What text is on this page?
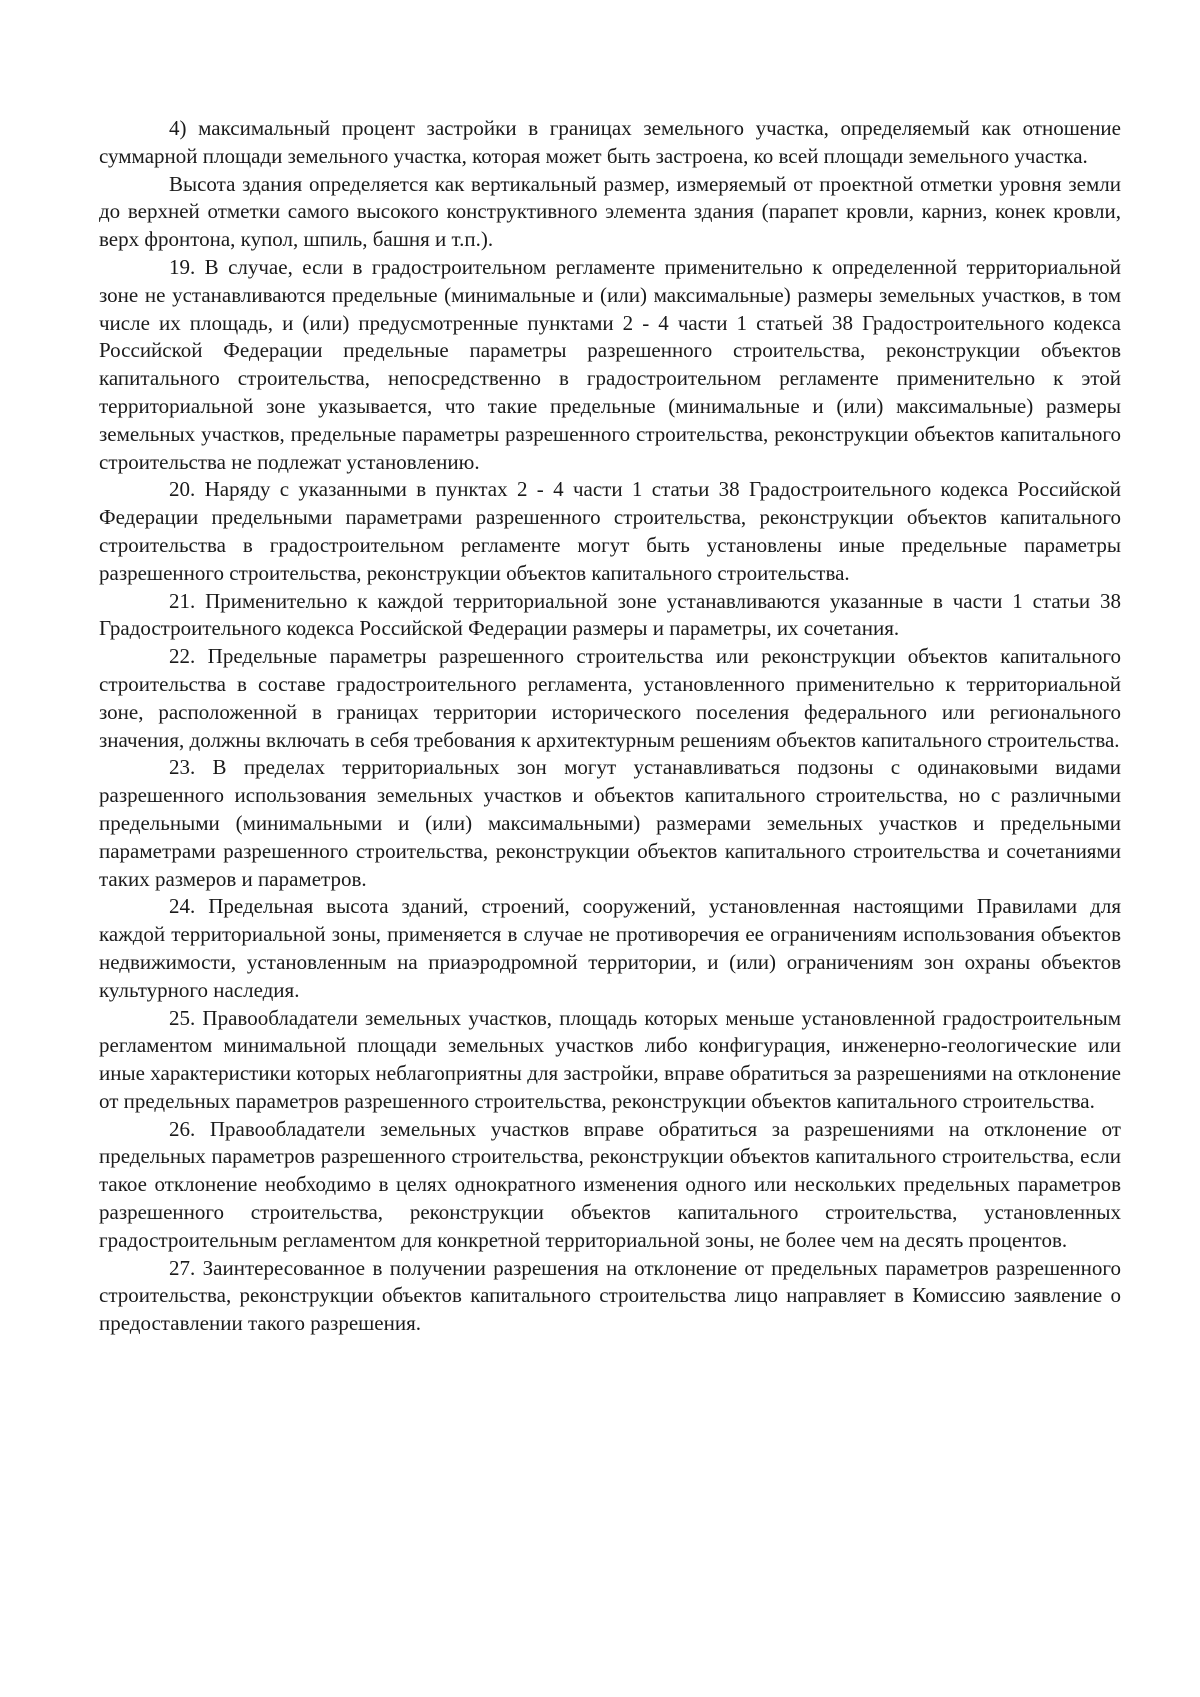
4) максимальный процент застройки в границах земельного участка, определяемый как отношение суммарной площади земельного участка, которая может быть застроена, ко всей площади земельного участка.

Высота здания определяется как вертикальный размер, измеряемый от проектной отметки уровня земли до верхней отметки самого высокого конструктивного элемента здания (парапет кровли, карниз, конек кровли, верх фронтона, купол, шпиль, башня и т.п.).

19. В случае, если в градостроительном регламенте применительно к определенной территориальной зоне не устанавливаются предельные (минимальные и (или) максимальные) размеры земельных участков, в том числе их площадь, и (или) предусмотренные пунктами 2 - 4 части 1 статьей 38 Градостроительного кодекса Российской Федерации предельные параметры разрешенного строительства, реконструкции объектов капитального строительства, непосредственно в градостроительном регламенте применительно к этой территориальной зоне указывается, что такие предельные (минимальные и (или) максимальные) размеры земельных участков, предельные параметры разрешенного строительства, реконструкции объектов капитального строительства не подлежат установлению.

20. Наряду с указанными в пунктах 2 - 4 части 1 статьи 38 Градостроительного кодекса Российской Федерации предельными параметрами разрешенного строительства, реконструкции объектов капитального строительства в градостроительном регламенте могут быть установлены иные предельные параметры разрешенного строительства, реконструкции объектов капитального строительства.

21. Применительно к каждой территориальной зоне устанавливаются указанные в части 1 статьи 38 Градостроительного кодекса Российской Федерации размеры и параметры, их сочетания.

22. Предельные параметры разрешенного строительства или реконструкции объектов капитального строительства в составе градостроительного регламента, установленного применительно к территориальной зоне, расположенной в границах территории исторического поселения федерального или регионального значения, должны включать в себя требования к архитектурным решениям объектов капитального строительства.

23. В пределах территориальных зон могут устанавливаться подзоны с одинаковыми видами разрешенного использования земельных участков и объектов капитального строительства, но с различными предельными (минимальными и (или) максимальными) размерами земельных участков и предельными параметрами разрешенного строительства, реконструкции объектов капитального строительства и сочетаниями таких размеров и параметров.

24. Предельная высота зданий, строений, сооружений, установленная настоящими Правилами для каждой территориальной зоны, применяется в случае не противоречия ее ограничениям использования объектов недвижимости, установленным на приаэродромной территории, и (или) ограничениям зон охраны объектов культурного наследия.

25. Правообладатели земельных участков, площадь которых меньше установленной градостроительным регламентом минимальной площади земельных участков либо конфигурация, инженерно-геологические или иные характеристики которых неблагоприятны для застройки, вправе обратиться за разрешениями на отклонение от предельных параметров разрешенного строительства, реконструкции объектов капитального строительства.

26. Правообладатели земельных участков вправе обратиться за разрешениями на отклонение от предельных параметров разрешенного строительства, реконструкции объектов капитального строительства, если такое отклонение необходимо в целях однократного изменения одного или нескольких предельных параметров разрешенного строительства, реконструкции объектов капитального строительства, установленных градостроительным регламентом для конкретной территориальной зоны, не более чем на десять процентов.

27. Заинтересованное в получении разрешения на отклонение от предельных параметров разрешенного строительства, реконструкции объектов капитального строительства лицо направляет в Комиссию заявление о предоставлении такого разрешения.
